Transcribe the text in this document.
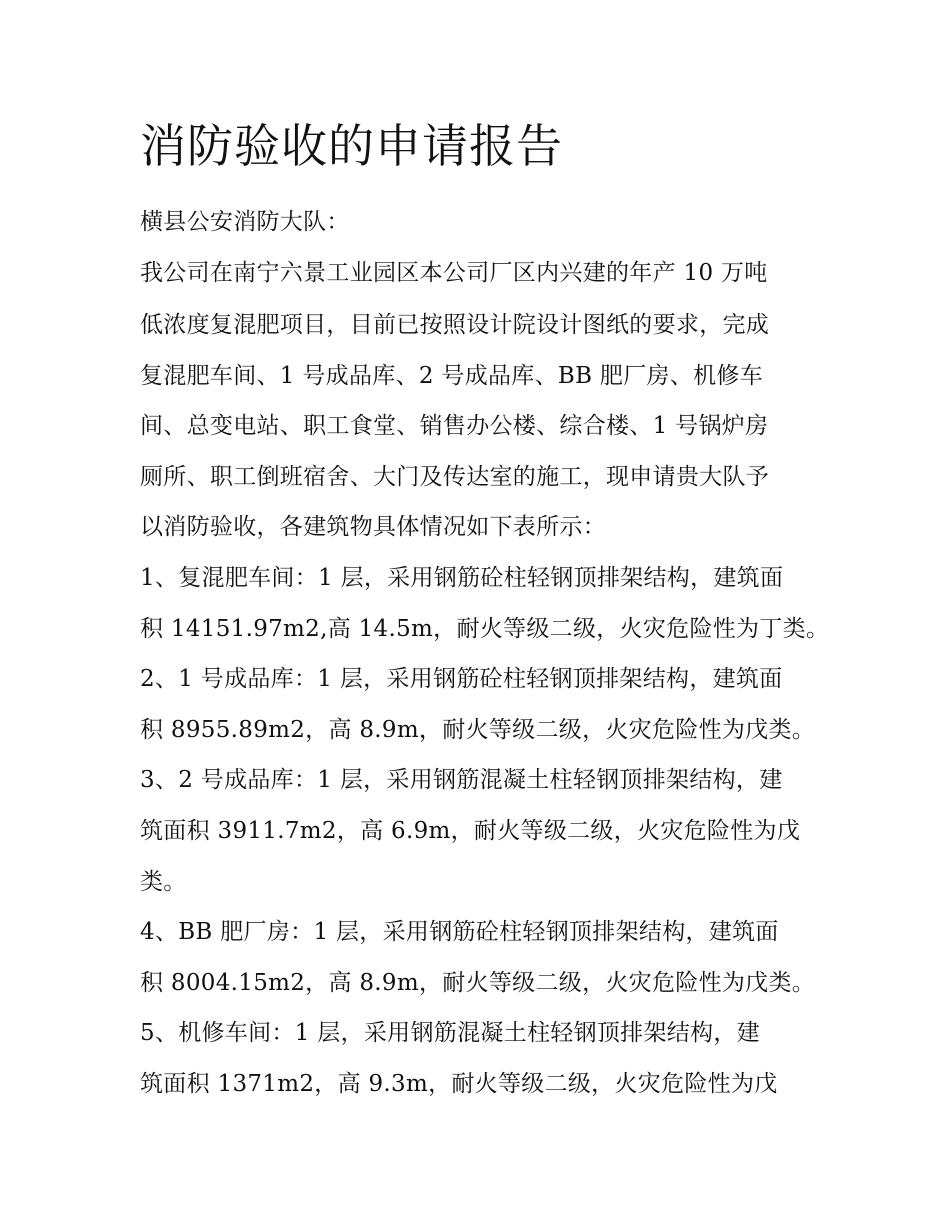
消防验收的申请报告
横县公安消防大队：
我公司在南宁六景工业园区本公司厂区内兴建的年产 10 万吨
低浓度复混肥项目，目前已按照设计院设计图纸的要求，完成
复混肥车间、1 号成品库、2 号成品库、BB 肥厂房、机修车
间、总变电站、职工食堂、销售办公楼、综合楼、1 号锅炉房
厕所、职工倒班宿舍、大门及传达室的施工，现申请贵大队予
以消防验收，各建筑物具体情况如下表所示：
1、复混肥车间：1 层，采用钢筋砼柱轻钢顶排架结构，建筑面
积 14151.97m2,高 14.5m，耐火等级二级，火灾危险性为丁类。
2、1 号成品库：1 层，采用钢筋砼柱轻钢顶排架结构，建筑面
积 8955.89m2，高 8.9m，耐火等级二级，火灾危险性为戊类。
3、2 号成品库：1 层，采用钢筋混凝土柱轻钢顶排架结构，建
筑面积 3911.7m2，高 6.9m，耐火等级二级，火灾危险性为戊
类。
4、BB 肥厂房：1 层，采用钢筋砼柱轻钢顶排架结构，建筑面
积 8004.15m2，高 8.9m，耐火等级二级，火灾危险性为戊类。
5、机修车间：1 层，采用钢筋混凝土柱轻钢顶排架结构，建
筑面积 1371m2，高 9.3m，耐火等级二级，火灾危险性为戊
